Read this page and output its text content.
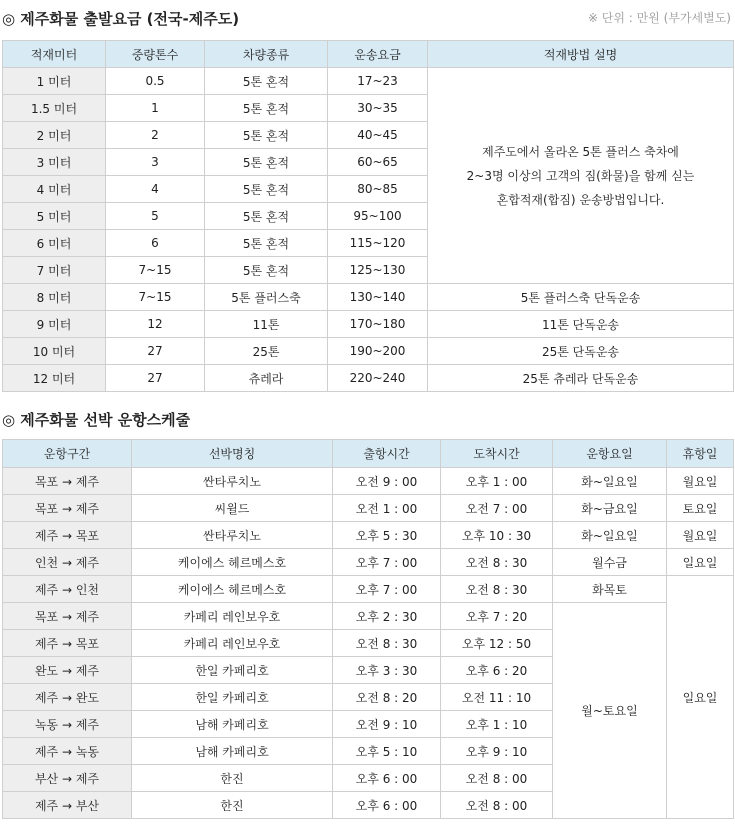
◎ 제주화물 출발요금 (전국-제주도)	※ 단위 : 만원 (부가세별도)
적재미터	중량톤수	차량종류	운송요금	적재방법 설명
1 미터	0.5	5톤 혼적	17~23	제주도에서 올라온 5톤 플러스 축차에
2~3명 이상의 고객의 짐(화물)을 함께 싣는
혼합적재(합짐) 운송방법입니다.

1.5 미터	1	5톤 혼적	30~35	
2 미터	2	5톤 혼적	40~45	
3 미터	3	5톤 혼적	60~65	
4 미터	4	5톤 혼적	80~85	
5 미터	5	5톤 혼적	95~100	
6 미터	6	5톤 혼적	115~120	
7 미터	7~15	5톤 혼적	125~130	
8 미터	7~15	5톤 플러스축	130~140	5톤 플러스축 단독운송
9 미터	12	11톤	170~180	11톤 단독운송
10 미터	27	25톤	190~200	25톤 단독운송
12 미터	27	츄레라	220~240	25톤 츄레라 단독운송
◎ 제주화물 선박 운항스케줄
운항구간	선박명칭	출항시간	도착시간	운항요일	휴항일
목포 → 제주	싼타루치노	오전 9 : 00	오후 1 : 00	화~일요일	월요일
목포 → 제주	씨윌드	오전 1 : 00	오전 7 : 00	화~금요일	토요일
제주 → 목포	싼타루치노	오후 5 : 30	오후 10 : 30	화~일요일	월요일
인천 → 제주	케이에스 헤르메스호	오후 7 : 00	오전 8 : 30	월수금	일요일
제주 → 인천	케이에스 헤르메스호	오후 7 : 00	오전 8 : 30	화목토	일요일
목포 → 제주	카페리 레인보우호	오후 2 : 30	오후 7 : 20	월~토요일	
제주 → 목포	카페리 레인보우호	오전 8 : 30	오후 12 : 50		
완도 → 제주	한일 카페리호	오후 3 : 30	오후 6 : 20		
제주 → 완도	한일 카페리호	오전 8 : 20	오전 11 : 10		
녹동 → 제주	남해 카페리호	오전 9 : 10	오후 1 : 10		
제주 → 녹동	남해 카페리호	오후 5 : 10	오후 9 : 10		
부산 → 제주	한진	오후 6 : 00	오전 8 : 00		
제주 → 부산	한진	오후 6 : 00	오전 8 : 00		
